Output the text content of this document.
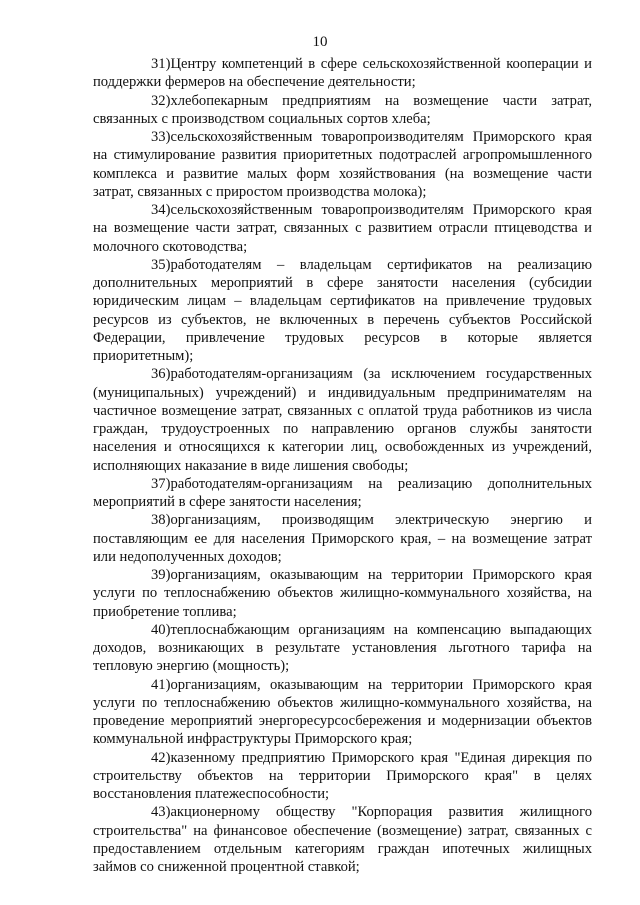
10

31)Центру компетенций в сфере сельскохозяйственной кооперации и поддержки фермеров на обеспечение деятельности;

32)хлебопекарным предприятиям на возмещение части затрат, связанных с производством социальных сортов хлеба;

33)сельскохозяйственным товаропроизводителям Приморского края на стимулирование развития приоритетных подотраслей агропромышленного комплекса и развитие малых форм хозяйствования (на возмещение части затрат, связанных с приростом производства молока);

34)сельскохозяйственным товаропроизводителям Приморского края на возмещение части затрат, связанных с развитием отрасли птицеводства и молочного скотоводства;

35)работодателям – владельцам сертификатов на реализацию дополнительных мероприятий в сфере занятости населения (субсидии юридическим лицам – владельцам сертификатов на привлечение трудовых ресурсов из субъектов, не включенных в перечень субъектов Российской Федерации, привлечение трудовых ресурсов в которые является приоритетным);

36)работодателям-организациям (за исключением государственных (муниципальных) учреждений) и индивидуальным предпринимателям на частичное возмещение затрат, связанных с оплатой труда работников из числа граждан, трудоустроенных по направлению органов службы занятости населения и относящихся к категории лиц, освобожденных из учреждений, исполняющих наказание в виде лишения свободы;

37)работодателям-организациям на реализацию дополнительных мероприятий в сфере занятости населения;

38)организациям, производящим электрическую энергию и поставляющим ее для населения Приморского края, – на возмещение затрат или недополученных доходов;

39)организациям, оказывающим на территории Приморского края услуги по теплоснабжению объектов жилищно-коммунального хозяйства, на приобретение топлива;

40)теплоснабжающим организациям на компенсацию выпадающих доходов, возникающих в результате установления льготного тарифа на тепловую энергию (мощность);

41)организациям, оказывающим на территории Приморского края услуги по теплоснабжению объектов жилищно-коммунального хозяйства, на проведение мероприятий энергоресурсосбережения и модернизации объектов коммунальной инфраструктуры Приморского края;

42)казенному предприятию Приморского края "Единая дирекция по строительству объектов на территории Приморского края" в целях восстановления платежеспособности;

43)акционерному обществу "Корпорация развития жилищного строительства" на финансовое обеспечение (возмещение) затрат, связанных с предоставлением отдельным категориям граждан ипотечных жилищных займов со сниженной процентной ставкой;
